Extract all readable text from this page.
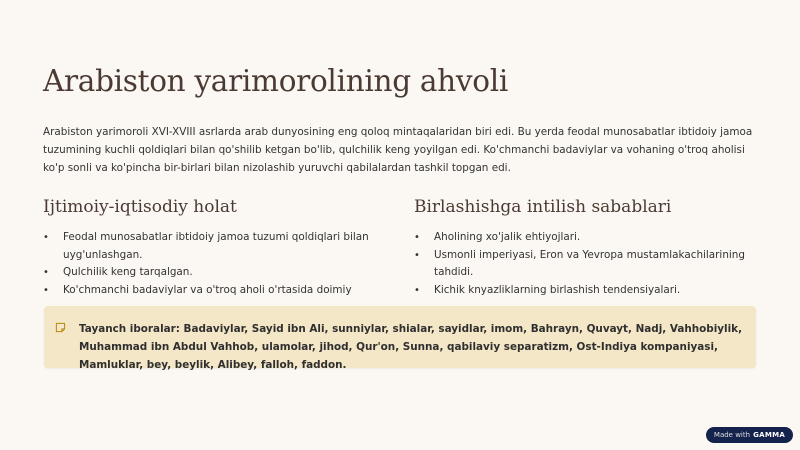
Arabiston yarimorolining ahvoli

Arabiston yarimoroli XVI-XVIII asrlarda arab dunyosining eng qoloq mintaqalaridan biri edi. Bu yerda feodal munosabatlar ibtidoiy jamoa tuzumining kuchli qoldiqlari bilan qo'shilib ketgan bo'lib, qulchilik keng yoyilgan edi. Ko'chmanchi badaviylar va vohaning o'troq aholisi ko'p sonli va ko'pincha bir-birlari bilan nizolashib yuruvchi qabilalardan tashkil topgan edi.

Ijtimoiy-iqtisodiy holat
• Feodal munosabatlar ibtidoiy jamoa tuzumi qoldiqlari bilan uyg'unlashgan.
• Qulchilik keng tarqalgan.
• Ko'chmanchi badaviylar va o'troq aholi o'rtasida doimiy
Birlashishga intilish sabablari
• Aholining xo'jalik ehtiyojlari.
• Usmonli imperiyasi, Eron va Yevropa mustamlakachilarining tahdidi.
• Kichik knyazliklarning birlashish tendensiyalari.

Tayanch iboralar: Badaviylar, Sayid ibn Ali, sunniylar, shialar, sayidlar, imom, Bahrayn, Quvayt, Nadj, Vahhobiylik, Muhammad ibn Abdul Vahhob, ulamolar, jihod, Qur'on, Sunna, qabilaviy separatizm, Ost-Indiya kompaniyasi, Mamluklar, bey, beylik, Alibey, falloh, faddon.

Made with GAMMA
